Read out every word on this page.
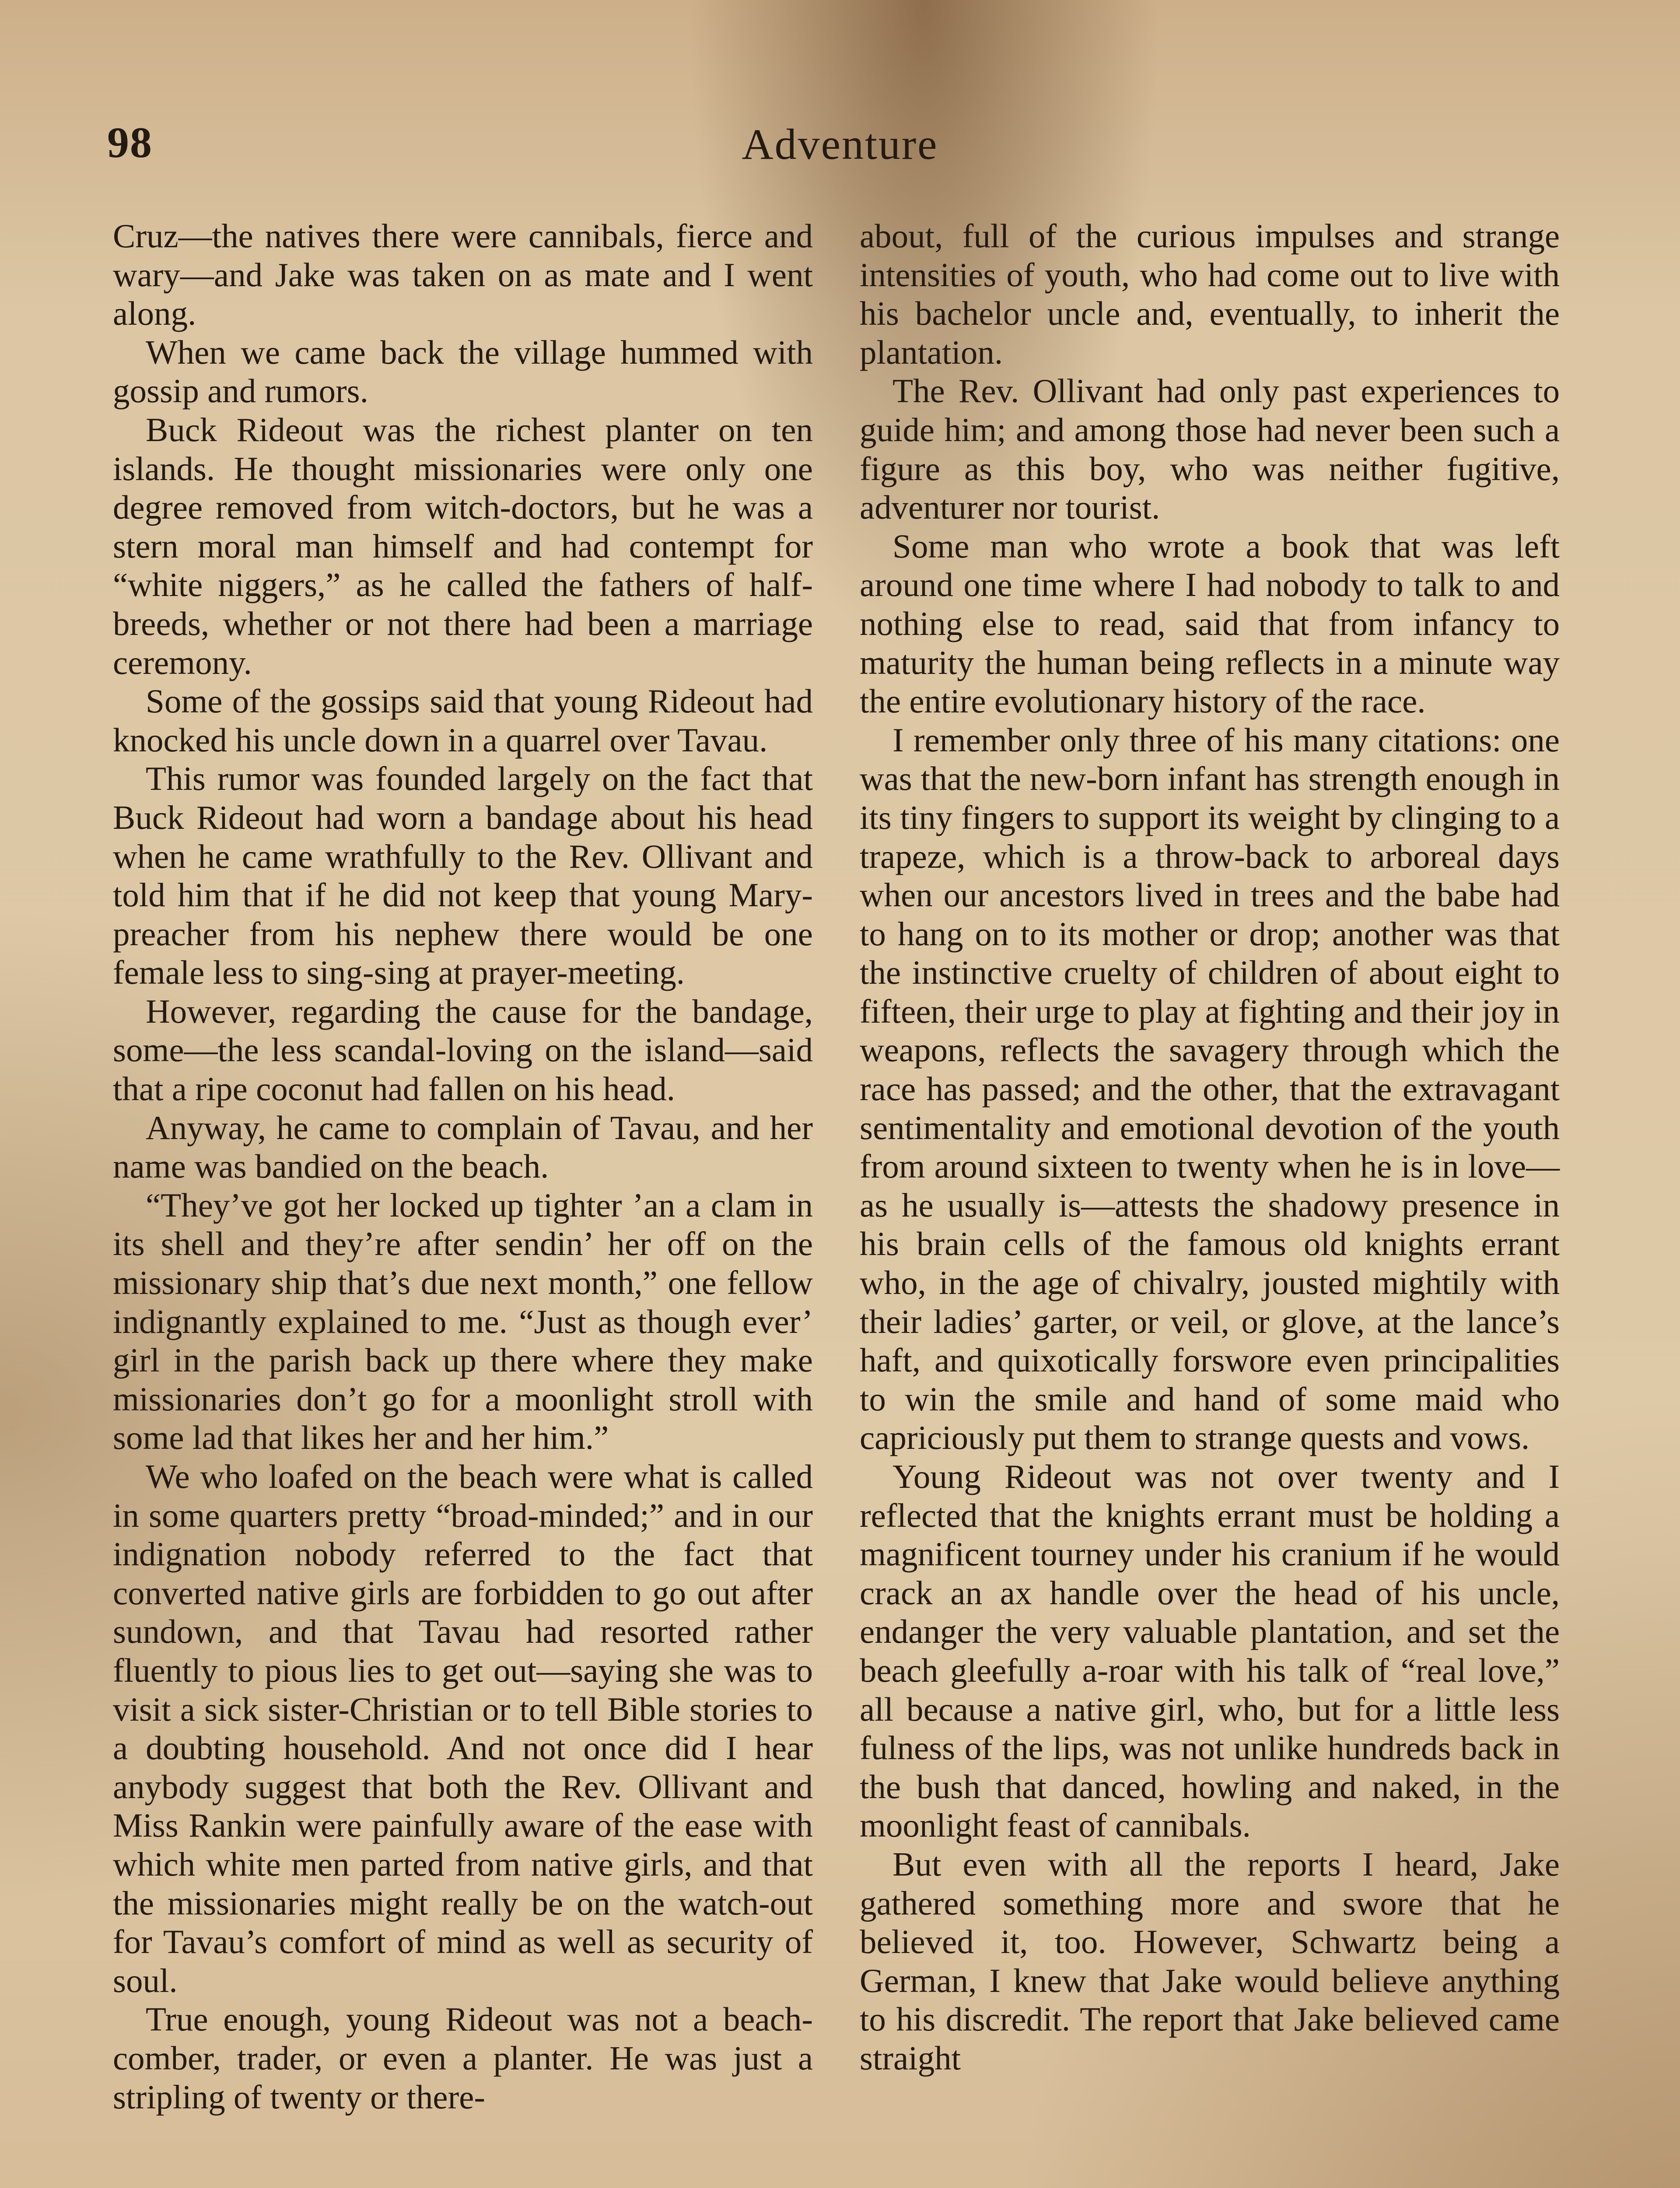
98	Adventure

Cruz—the natives there were cannibals, fierce and wary—and Jake was taken on as mate and I went along.

When we came back the village hummed with gossip and rumors.

Buck Rideout was the richest planter on ten islands. He thought missionaries were only one degree removed from witch-doctors, but he was a stern moral man himself and had contempt for “white niggers,” as he called the fathers of half-breeds, whether or not there had been a marriage ceremony.

Some of the gossips said that young Rideout had knocked his uncle down in a quarrel over Tavau.

This rumor was founded largely on the fact that Buck Rideout had worn a bandage about his head when he came wrathfully to the Rev. Ollivant and told him that if he did not keep that young Mary-preacher from his nephew there would be one female less to sing-sing at prayer-meeting.

However, regarding the cause for the bandage, some—the less scandal-loving on the island—said that a ripe coconut had fallen on his head.

Anyway, he came to complain of Tavau, and her name was bandied on the beach.

“They’ve got her locked up tighter ’an a clam in its shell and they’re after sendin’ her off on the missionary ship that’s due next month,” one fellow indignantly explained to me. “Just as though ever’ girl in the parish back up there where they make missionaries don’t go for a moonlight stroll with some lad that likes her and her him.”

We who loafed on the beach were what is called in some quarters pretty “broad-minded;” and in our indignation nobody referred to the fact that converted native girls are forbidden to go out after sundown, and that Tavau had resorted rather fluently to pious lies to get out—saying she was to visit a sick sister-Christian or to tell Bible stories to a doubting household. And not once did I hear anybody suggest that both the Rev. Ollivant and Miss Rankin were painfully aware of the ease with which white men parted from native girls, and that the missionaries might really be on the watch-out for Tavau’s comfort of mind as well as security of soul.

True enough, young Rideout was not a beach-comber, trader, or even a planter. He was just a stripling of twenty or there-

about, full of the curious impulses and strange intensities of youth, who had come out to live with his bachelor uncle and, eventually, to inherit the plantation.

The Rev. Ollivant had only past experiences to guide him; and among those had never been such a figure as this boy, who was neither fugitive, adventurer nor tourist.

Some man who wrote a book that was left around one time where I had nobody to talk to and nothing else to read, said that from infancy to maturity the human being reflects in a minute way the entire evolutionary history of the race.

I remember only three of his many citations: one was that the new-born infant has strength enough in its tiny fingers to support its weight by clinging to a trapeze, which is a throw-back to arboreal days when our ancestors lived in trees and the babe had to hang on to its mother or drop; another was that the instinctive cruelty of children of about eight to fifteen, their urge to play at fighting and their joy in weapons, reflects the savagery through which the race has passed; and the other, that the extravagant sentimentality and emotional devotion of the youth from around sixteen to twenty when he is in love—as he usually is—attests the shadowy presence in his brain cells of the famous old knights errant who, in the age of chivalry, jousted mightily with their ladies’ garter, or veil, or glove, at the lance’s haft, and quixotically forswore even principalities to win the smile and hand of some maid who capriciously put them to strange quests and vows.

Young Rideout was not over twenty and I reflected that the knights errant must be holding a magnificent tourney under his cranium if he would crack an ax handle over the head of his uncle, endanger the very valuable plantation, and set the beach gleefully a-roar with his talk of “real love,” all because a native girl, who, but for a little less fulness of the lips, was not unlike hundreds back in the bush that danced, howling and naked, in the moonlight feast of cannibals.

But even with all the reports I heard, Jake gathered something more and swore that he believed it, too. However, Schwartz being a German, I knew that Jake would believe anything to his discredit. The report that Jake believed came straight
